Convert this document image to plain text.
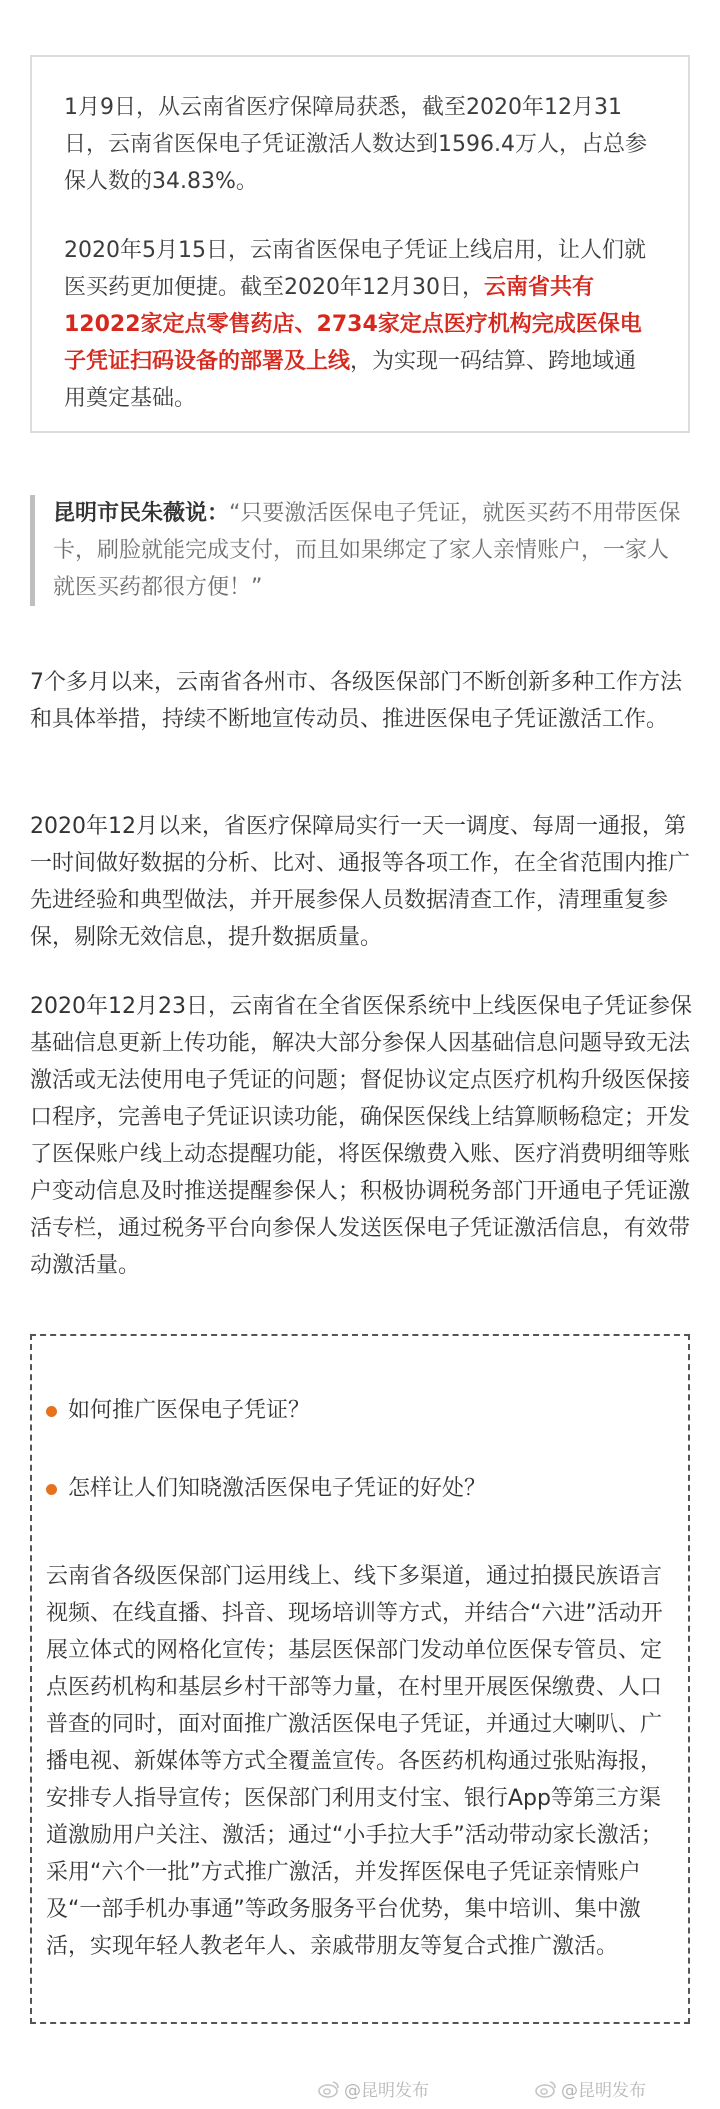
1月9日，从云南省医疗保障局获悉，截至2020年12月31日，云南省医保电子凭证激活人数达到1596.4万人，占总参保人数的34.83%。

2020年5月15日，云南省医保电子凭证上线启用，让人们就医买药更加便捷。截至2020年12月30日，云南省共有12022家定点零售药店、2734家定点医疗机构完成医保电子凭证扫码设备的部署及上线，为实现一码结算、跨地域通用奠定基础。

昆明市民朱薇说：“只要激活医保电子凭证，就医买药不用带医保卡，刷脸就能完成支付，而且如果绑定了家人亲情账户，一家人就医买药都很方便！”

7个多月以来，云南省各州市、各级医保部门不断创新多种工作方法和具体举措，持续不断地宣传动员、推进医保电子凭证激活工作。

2020年12月以来，省医疗保障局实行一天一调度、每周一通报，第一时间做好数据的分析、比对、通报等各项工作，在全省范围内推广先进经验和典型做法，并开展参保人员数据清查工作，清理重复参保，剔除无效信息，提升数据质量。

2020年12月23日，云南省在全省医保系统中上线医保电子凭证参保基础信息更新上传功能，解决大部分参保人因基础信息问题导致无法激活或无法使用电子凭证的问题；督促协议定点医疗机构升级医保接口程序，完善电子凭证识读功能，确保医保线上结算顺畅稳定；开发了医保账户线上动态提醒功能，将医保缴费入账、医疗消费明细等账户变动信息及时推送提醒参保人；积极协调税务部门开通电子凭证激活专栏，通过税务平台向参保人发送医保电子凭证激活信息，有效带动激活量。

如何推广医保电子凭证？
怎样让人们知晓激活医保电子凭证的好处？

云南省各级医保部门运用线上、线下多渠道，通过拍摄民族语言视频、在线直播、抖音、现场培训等方式，并结合“六进”活动开展立体式的网格化宣传；基层医保部门发动单位医保专管员、定点医药机构和基层乡村干部等力量，在村里开展医保缴费、人口普查的同时，面对面推广激活医保电子凭证，并通过大喇叭、广播电视、新媒体等方式全覆盖宣传。各医药机构通过张贴海报，安排专人指导宣传；医保部门利用支付宝、银行App等第三方渠道激励用户关注、激活；通过“小手拉大手”活动带动家长激活；采用“六个一批”方式推广激活，并发挥医保电子凭证亲情账户及“一部手机办事通”等政务服务平台优势，集中培训、集中激活，实现年轻人教老年人、亲戚带朋友等复合式推广激活。

@昆明发布	@昆明发布
